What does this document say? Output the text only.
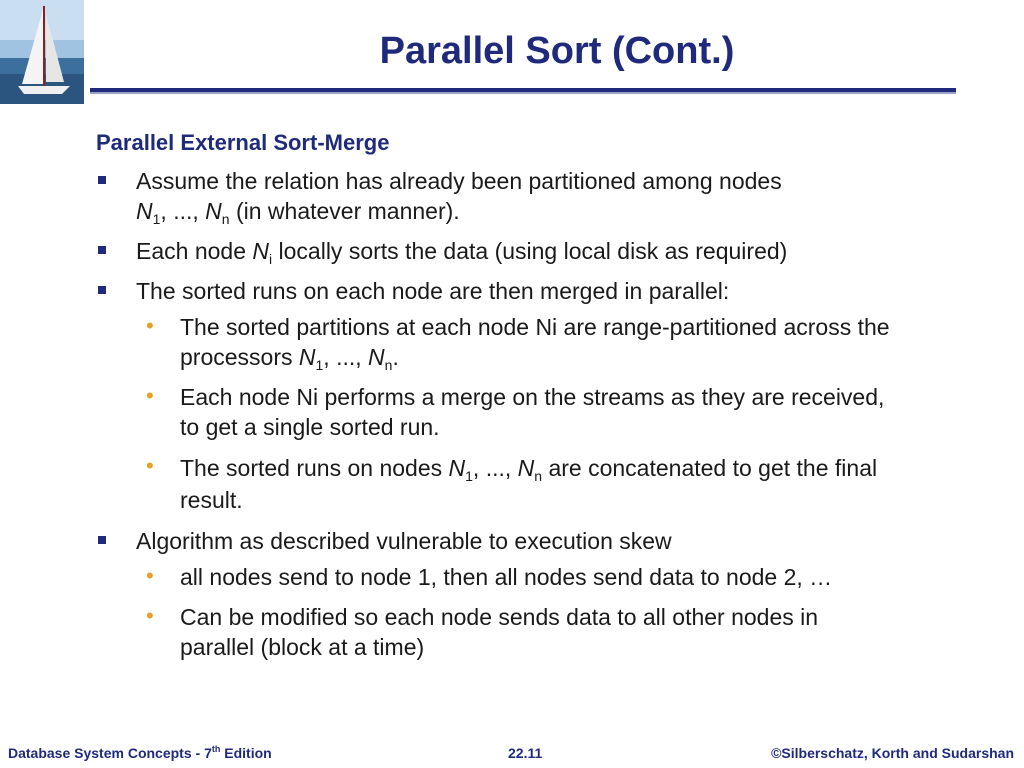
Parallel Sort (Cont.)
Parallel External Sort-Merge
Assume the relation has already been partitioned among nodes
$N_1$, ..., $N_n$ (in whatever manner).
Each node $N_i$ locally sorts the data (using local disk as required)
The sorted runs on each node are then merged in parallel:
• The sorted partitions at each node Ni are range-partitioned across the processors $N_1$, ..., $N_n$.
• Each node Ni performs a merge on the streams as they are received, to get a single sorted run.
• The sorted runs on nodes $N_1$, ..., $N_n$ are concatenated to get the final result.
Algorithm as described vulnerable to execution skew
• all nodes send to node 1, then all nodes send data to node 2, …
• Can be modified so each node sends data to all other nodes in parallel (block at a time)
Database System Concepts - 7th Edition	22.11	©Silberschatz, Korth and Sudarshan
